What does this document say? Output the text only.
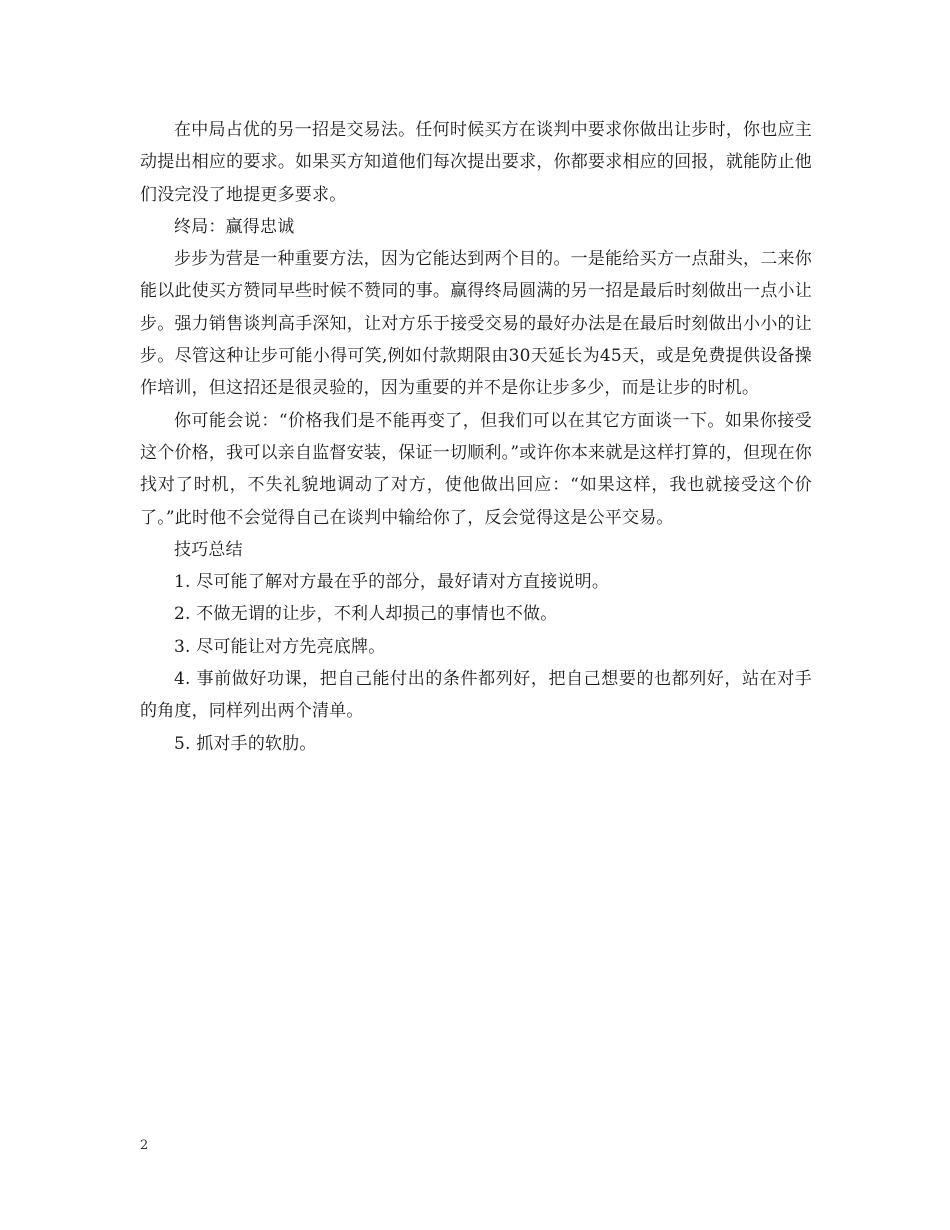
在中局占优的另一招是交易法。任何时候买方在谈判中要求你做出让步时，你也应主动提出相应的要求。如果买方知道他们每次提出要求，你都要求相应的回报，就能防止他们没完没了地提更多要求。

终局：赢得忠诚

步步为营是一种重要方法，因为它能达到两个目的。一是能给买方一点甜头，二来你能以此使买方赞同早些时候不赞同的事。赢得终局圆满的另一招是最后时刻做出一点小让步。强力销售谈判高手深知，让对方乐于接受交易的最好办法是在最后时刻做出小小的让步。尽管这种让步可能小得可笑,例如付款期限由30天延长为45天，或是免费提供设备操作培训，但这招还是很灵验的，因为重要的并不是你让步多少，而是让步的时机。

你可能会说：“价格我们是不能再变了，但我们可以在其它方面谈一下。如果你接受这个价格，我可以亲自监督安装，保证一切顺利。”或许你本来就是这样打算的，但现在你找对了时机，不失礼貌地调动了对方，使他做出回应：“如果这样，我也就接受这个价了。”此时他不会觉得自己在谈判中输给你了，反会觉得这是公平交易。

技巧总结

1. 尽可能了解对方最在乎的部分，最好请对方直接说明。

2. 不做无谓的让步，不利人却损己的事情也不做。

3. 尽可能让对方先亮底牌。

4. 事前做好功课，把自己能付出的条件都列好，把自己想要的也都列好，站在对手的角度，同样列出两个清单。

5. 抓对手的软肋。

2
